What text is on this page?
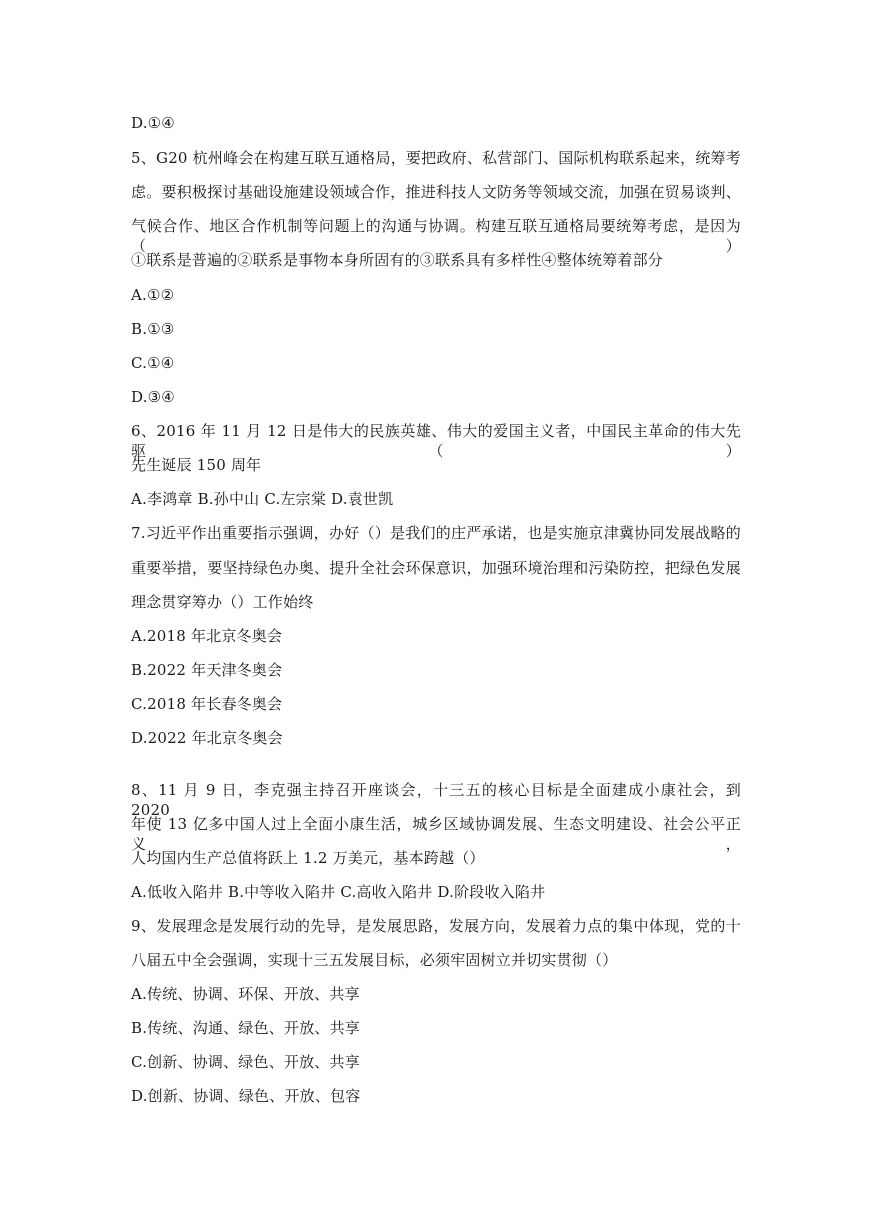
D.①④
5、G20 杭州峰会在构建互联互通格局，要把政府、私营部门、国际机构联系起来，统筹考
虑。要积极探讨基础设施建设领域合作，推进科技人文防务等领域交流，加强在贸易谈判、
气候合作、地区合作机制等问题上的沟通与协调。构建互联互通格局要统筹考虑，是因为（）
①联系是普遍的②联系是事物本身所固有的③联系具有多样性④整体统筹着部分
A.①②
B.①③
C.①④
D.③④
6、2016 年 11 月 12 日是伟大的民族英雄、伟大的爱国主义者，中国民主革命的伟大先驱（）
先生诞辰 150 周年
A.李鸿章 B.孙中山 C.左宗棠 D.袁世凯
7.习近平作出重要指示强调，办好（）是我们的庄严承诺，也是实施京津冀协同发展战略的
重要举措，要坚持绿色办奥、提升全社会环保意识，加强环境治理和污染防控，把绿色发展
理念贯穿筹办（）工作始终
A.2018 年北京冬奥会
B.2022 年天津冬奥会
C.2018 年长春冬奥会
D.2022 年北京冬奥会
8、11 月 9 日，李克强主持召开座谈会，十三五的核心目标是全面建成小康社会，到 2020
年使 13 亿多中国人过上全面小康生活，城乡区域协调发展、生态文明建设、社会公平正义，
人均国内生产总值将跃上 1.2 万美元，基本跨越（）
A.低收入陷井 B.中等收入陷井 C.高收入陷井 D.阶段收入陷井
9、发展理念是发展行动的先导，是发展思路，发展方向，发展着力点的集中体现，党的十
八届五中全会强调，实现十三五发展目标，必须牢固树立并切实贯彻（）
A.传统、协调、环保、开放、共享
B.传统、沟通、绿色、开放、共享
C.创新、协调、绿色、开放、共享
D.创新、协调、绿色、开放、包容
